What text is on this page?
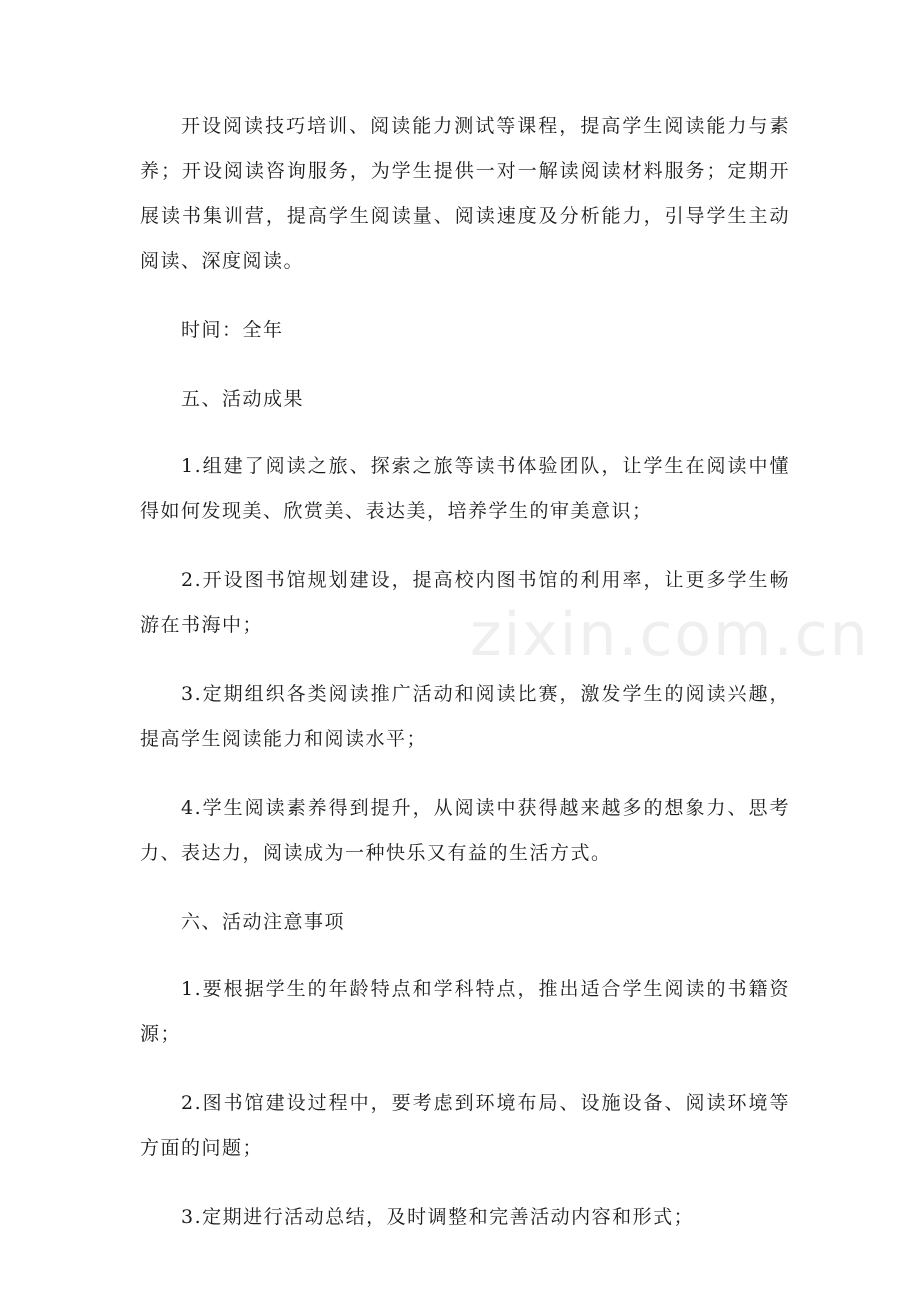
开设阅读技巧培训、阅读能力测试等课程，提高学生阅读能力与素养；开设阅读咨询服务，为学生提供一对一解读阅读材料服务；定期开展读书集训营，提高学生阅读量、阅读速度及分析能力，引导学生主动阅读、深度阅读。

时间：全年

五、活动成果

1.组建了阅读之旅、探索之旅等读书体验团队，让学生在阅读中懂得如何发现美、欣赏美、表达美，培养学生的审美意识；

2.开设图书馆规划建设，提高校内图书馆的利用率，让更多学生畅游在书海中；

3.定期组织各类阅读推广活动和阅读比赛，激发学生的阅读兴趣，提高学生阅读能力和阅读水平；

4.学生阅读素养得到提升，从阅读中获得越来越多的想象力、思考力、表达力，阅读成为一种快乐又有益的生活方式。

六、活动注意事项

1.要根据学生的年龄特点和学科特点，推出适合学生阅读的书籍资源；

2.图书馆建设过程中，要考虑到环境布局、设施设备、阅读环境等方面的问题；

3.定期进行活动总结，及时调整和完善活动内容和形式；

zixin.com.cn
